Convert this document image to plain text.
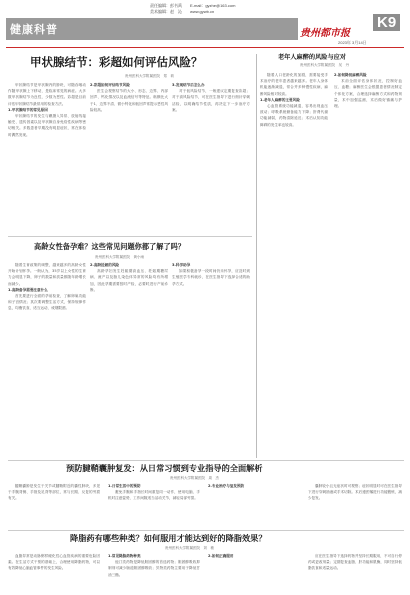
健康科普
责任编辑：彭书禹　　E-mail：gyzhe@163.com
美术编辑：赵　沁　　www.gywb.cn
贵州都市报
K9
2023年 3月14日
甲状腺结节：彩超如何评估风险？
贵州医科大学附属医院　郑　莉

甲状腺结节是甲状腺内的肿块，可随吞咽动作随甲状腺上下移动，是临床常见的病症。大多数甲状腺结节为良性，少数为恶性。彩超是目前评估甲状腺结节最常用的检查方法。

1.甲状腺结节的常见原因

甲状腺结节的发生与碘摄入异常、放射线接触史、遗传因素以及甲状腺自身免疫性疾病等密切相关。多数患者早期没有明显症状，常在体检时偶然发现。

2.彩超如何评估结节风险

医生会观察结节的大小、形态、边界、内部回声、钙化情况以及血流信号等特征。纵横比大于1、边界不清、微小钙化和低回声常提示恶性风险较高。

3.发现结节后怎么办

对于低风险结节，一般建议定期复查彩超；对于高风险结节，可在医生指导下进行细针穿刺活检，以明确结节性质，再决定下一步治疗方案。

老年人麻醉的风险与应对
贵州医科大学附属医院　吴　丹

随着人口老龄化的加剧，需要接受手术治疗的老年患者越来越多。老年人身体机能逐渐减退，常合并多种慢性疾病，麻醉风险相对较高。

1.老年人麻醉的主要风险

心血管系统功能减退，容易出现血压波动；呼吸系统储备能力下降；肝肾代谢功能减弱，药物清除延迟；术后认知功能障碍的发生率也较高。

2.如何降低麻醉风险

术前全面评估身体状况，控制好血压、血糖；麻醉医生会根据患者情况制定个体化方案，合理选择麻醉方式和药物剂量，术中加强监测，术后做好镇痛与护理。

高龄女性备孕难？这些常见问题你都了解了吗？
贵州医科大学附属医院　黄小雨

随着生育政策的调整，越来越多的高龄女性开始计划怀孕。一般认为，35岁以上女性的生育力会明显下降，卵子的数量和质量都随年龄增长而减少。

1.高龄备孕需要注意什么

首先要进行全面的孕前检查，了解卵巢功能和子宫情况；其次要调整生活方式，保持规律作息，均衡饮食，适当运动，戒烟限酒。

2.高龄妊娠的风险

高龄孕妇发生妊娠期高血压、妊娠期糖尿病、流产以及胎儿染色体异常的风险均有所增加，因此孕期需要按时产检，必要时进行产前诊断。

3.科学助孕

如果积极备孕一段时间仍未怀孕，应及时到生殖医学专科就诊，在医生指导下选择合适的助孕方式。

预防腱鞘囊肿复发：从日常习惯到专业指导的全面解析
贵州医科大学附属医院　周　杰

腱鞘囊肿是发生于关节或腱鞘附近的囊性肿块，多见于手腕背侧、手指及足背等部位，常与长期、反复的劳损有关。

1.日常生活中的预防

避免手腕和手指长时间重复同一动作，使用电脑、手机时注意姿势，工作间隙适当活动关节，减轻局部劳损。

2.专业治疗与复发预防	囊肿较小且无症状时可观察；症状明显时可在医生指导下进行穿刺抽液或手术切除。术后遵医嘱进行功能锻炼，减少复发。

降脂药有哪些种类？如何服用才能达到好的降脂效果？
贵州医科大学附属医院　刘　敏

血脂异常是动脉粥样硬化性心血管疾病的重要危险因素。在生活方式干预的基础上，合理使用降脂药物，可以有效降低心脑血管事件的发生风险。

1.常见降脂药物种类

他汀类药物是降低胆固醇的首选药物；胆固醇吸收抑制剂可减少肠道胆固醇吸收；贝特类药物主要用于降低甘油三酯。

2.如何正确服用	应在医生指导下选择药物并坚持长期服用，不可自行停药或更改剂量；定期复查血脂、肝功能和肌酶，同时坚持低脂饮食和适量运动。
